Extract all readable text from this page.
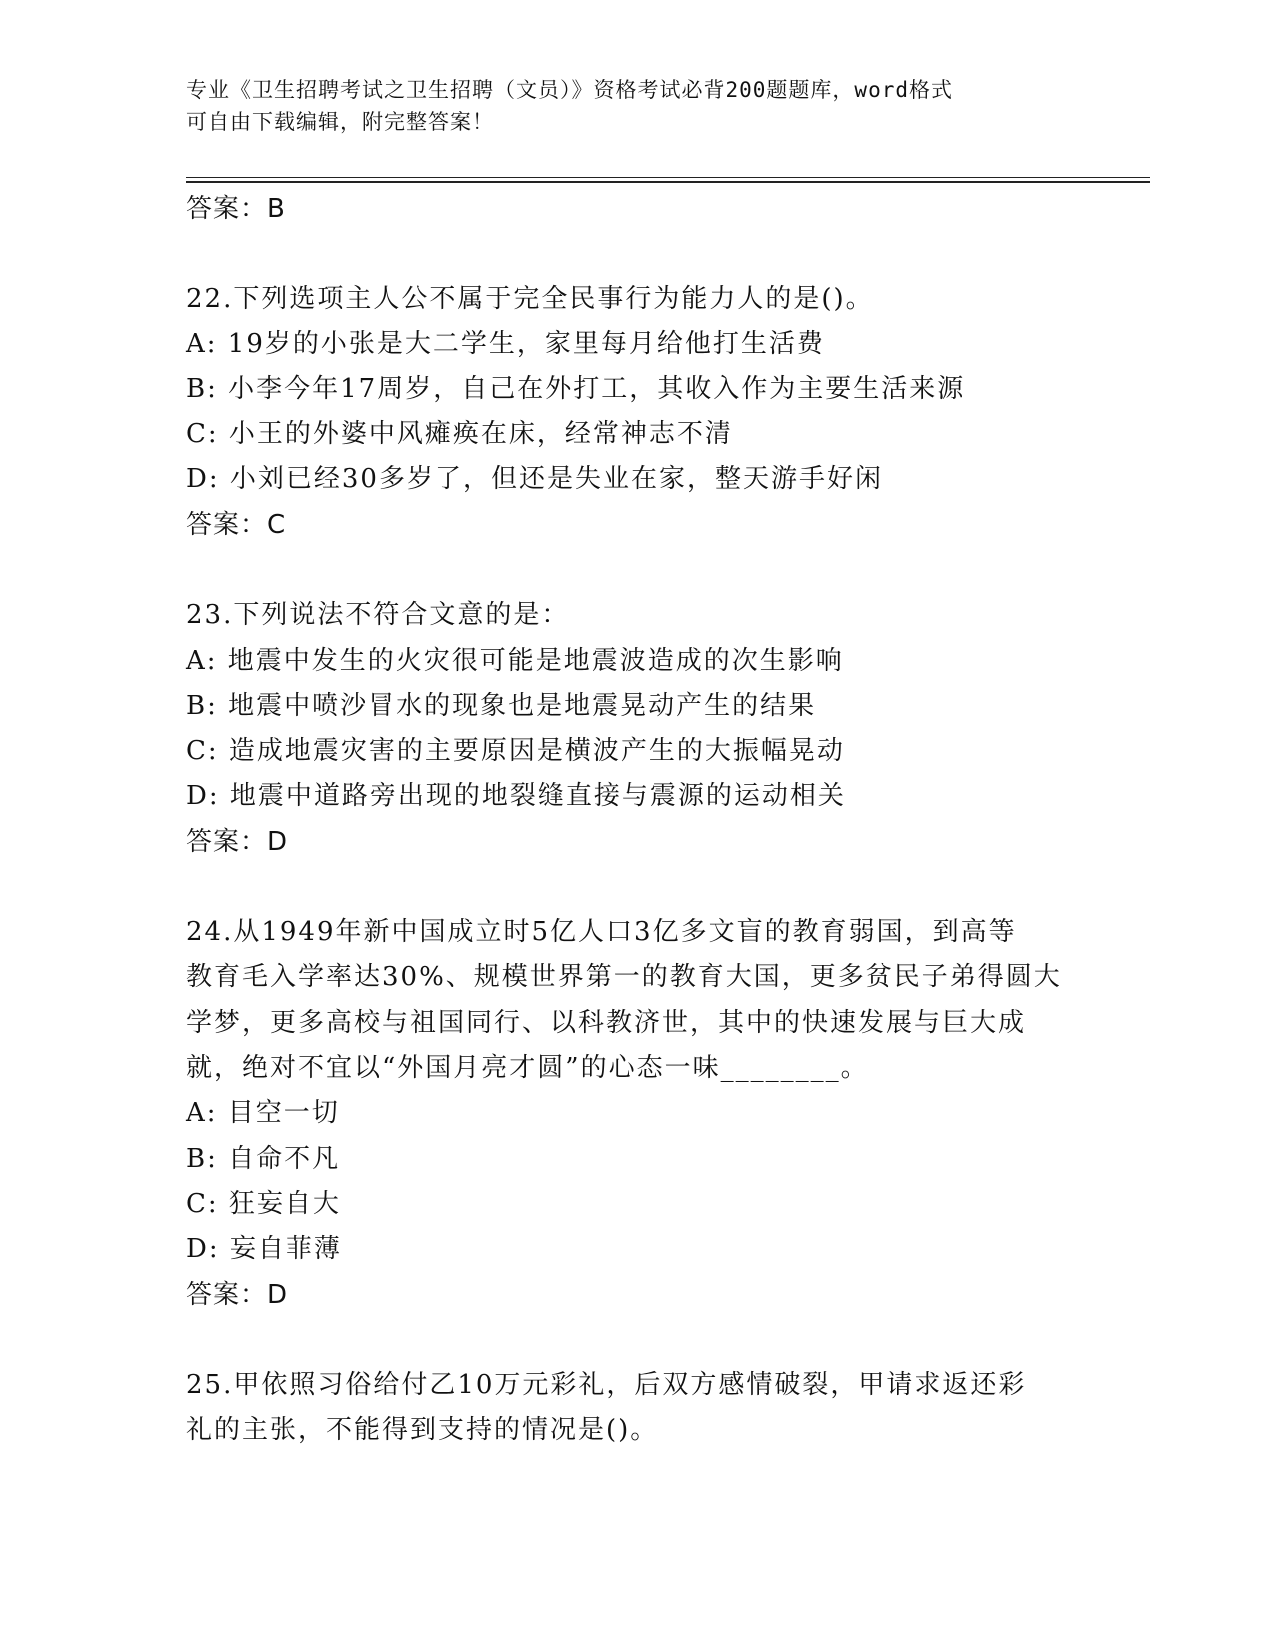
专业《卫生招聘考试之卫生招聘（文员）》资格考试必背200题题库，word格式
可自由下载编辑，附完整答案！
答案：B
22.下列选项主人公不属于完全民事行为能力人的是()。
A: 19岁的小张是大二学生，家里每月给他打生活费
B: 小李今年17周岁，自己在外打工，其收入作为主要生活来源
C: 小王的外婆中风瘫痪在床，经常神志不清
D: 小刘已经30多岁了，但还是失业在家，整天游手好闲
答案：C
23.下列说法不符合文意的是：
A: 地震中发生的火灾很可能是地震波造成的次生影响
B: 地震中喷沙冒水的现象也是地震晃动产生的结果
C: 造成地震灾害的主要原因是横波产生的大振幅晃动
D: 地震中道路旁出现的地裂缝直接与震源的运动相关
答案：D
24.从1949年新中国成立时5亿人口3亿多文盲的教育弱国，到高等
教育毛入学率达30%、规模世界第一的教育大国，更多贫民子弟得圆大
学梦，更多高校与祖国同行、以科教济世，其中的快速发展与巨大成
就，绝对不宜以“外国月亮才圆”的心态一味________。
A: 目空一切
B: 自命不凡
C: 狂妄自大
D: 妄自菲薄
答案：D
25.甲依照习俗给付乙10万元彩礼，后双方感情破裂，甲请求返还彩
礼的主张，不能得到支持的情况是()。
